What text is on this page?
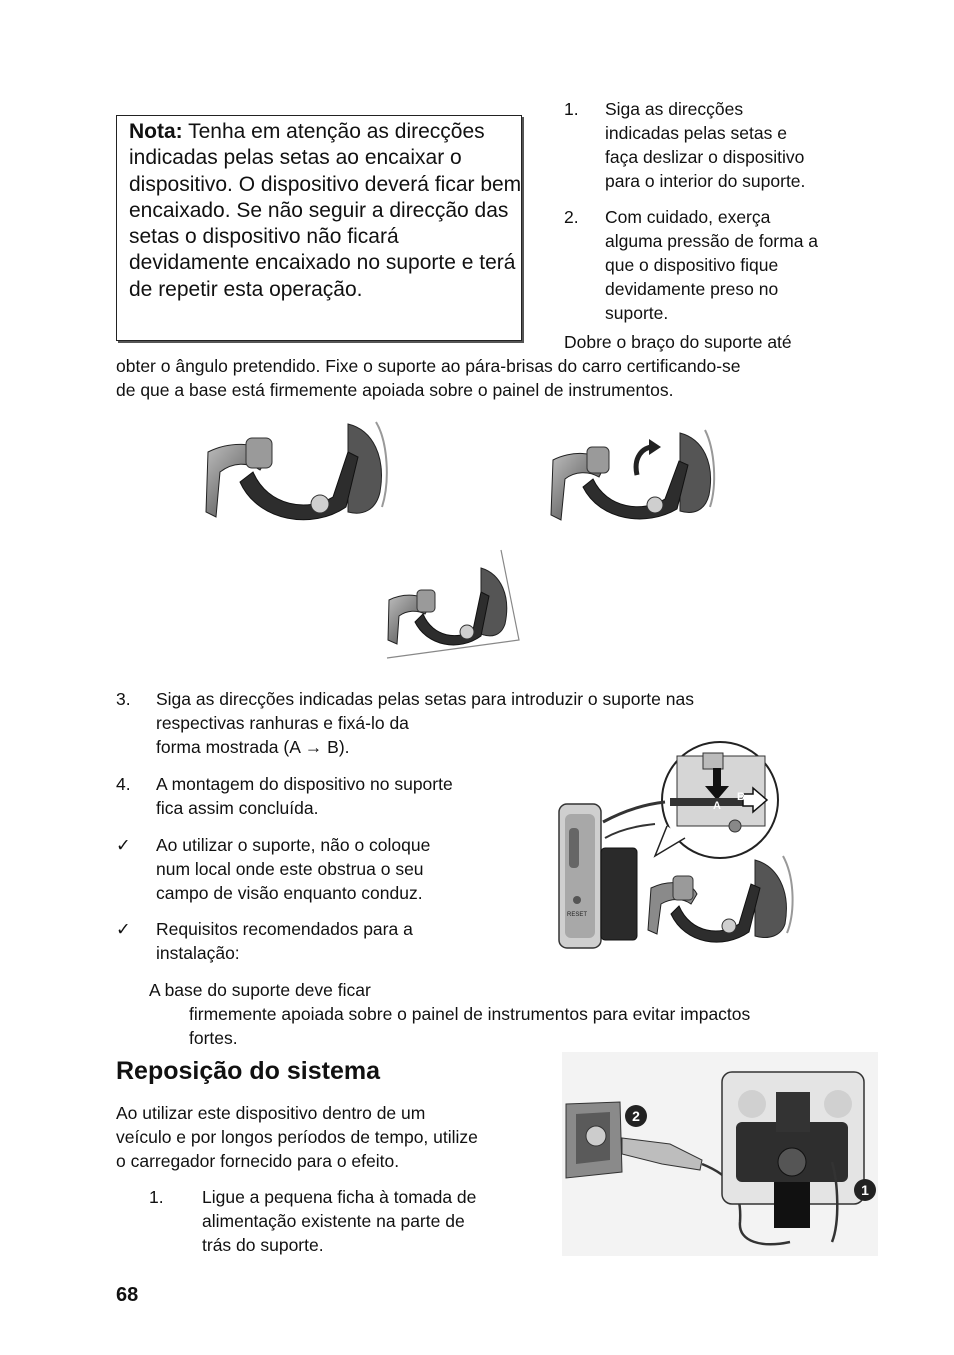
Nota: Tenha em atenção as direcções indicadas pelas setas ao encaixar o dispositivo. O dispositivo deverá ficar bem encaixado. Se não seguir a direcção das setas o dispositivo não ficará devidamente encaixado no suporte e terá de repetir esta operação.
1. Siga as direcções
indicadas pelas setas e
faça deslizar o dispositivo
para o interior do suporte.
2. Com cuidado, exerça
alguma pressão de forma a
que o dispositivo fique
devidamente preso no
suporte.
Dobre o braço do suporte até
obter o ângulo pretendido. Fixe o suporte ao pára-brisas do carro certificando-se
de que a base está firmemente apoiada sobre o painel de instrumentos.
3. Siga as direcções indicadas pelas setas para introduzir o suporte nas
respectivas ranhuras e fixá-lo da
forma mostrada (A → B).
4. A montagem do dispositivo no suporte
fica assim concluída.
✓ Ao utilizar o suporte, não o coloque
num local onde este obstrua o seu
campo de visão enquanto conduz.
✓ Requisitos recomendados para a
instalação:
A
B
RESET
A base do suporte deve ficar
firmemente apoiada sobre o painel de instrumentos para evitar impactos
fortes.
Reposição do sistema
Ao utilizar este dispositivo dentro de um
veículo e por longos períodos de tempo, utilize
o carregador fornecido para o efeito.
1. Ligue a pequena ficha à tomada de
alimentação existente na parte de
trás do suporte.
2
1
68
